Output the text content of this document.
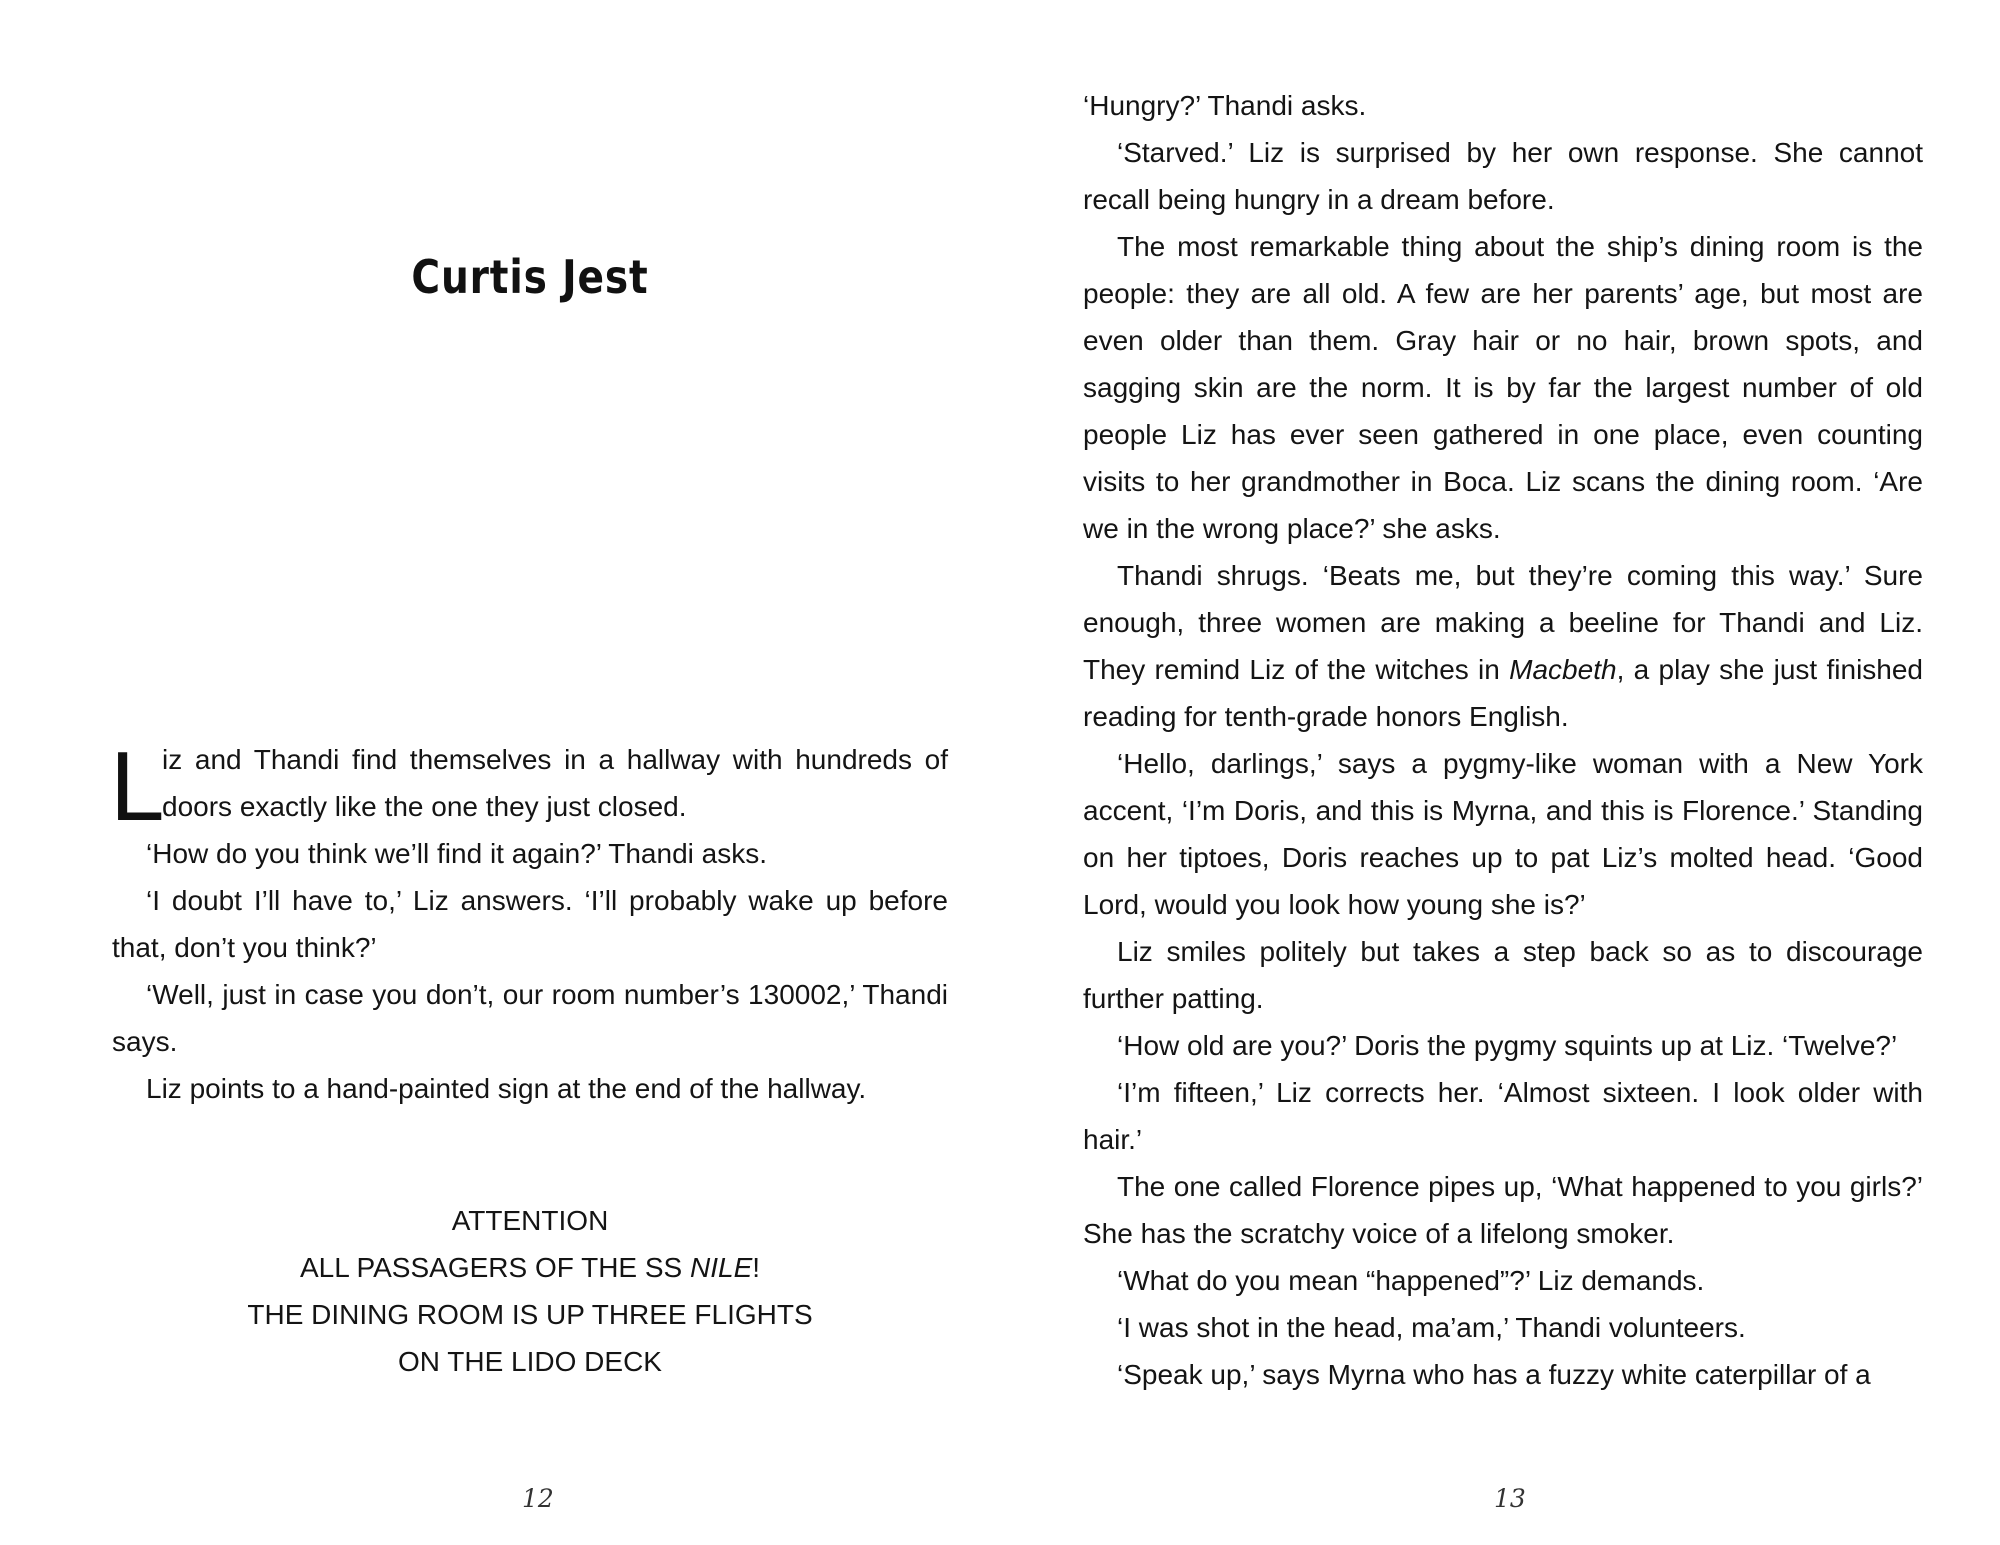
Curtis Jest

L
iz and Thandi find themselves in a hallway with hundreds of doors exactly like the one they just closed.

‘How do you think we’ll find it again?’ Thandi asks.

‘I doubt I’ll have to,’ Liz answers. ‘I’ll probably wake up before that, don’t you think?’

‘Well, just in case you don’t, our room number’s 130002,’ Thandi says.

Liz points to a hand-painted sign at the end of the hallway.

ATTENTION
ALL PASSAGERS OF THE SS NILE!
THE DINING ROOM IS UP THREE FLIGHTS
ON THE LIDO DECK
12

‘Hungry?’ Thandi asks.

‘Starved.’ Liz is surprised by her own response. She cannot recall being hungry in a dream before.

The most remarkable thing about the ship’s dining room is the people: they are all old. A few are her parents’ age, but most are even older than them. Gray hair or no hair, brown spots, and sagging skin are the norm. It is by far the largest number of old people Liz has ever seen gathered in one place, even counting visits to her grandmother in Boca. Liz scans the dining room. ‘Are we in the wrong place?’ she asks.

Thandi shrugs. ‘Beats me, but they’re coming this way.’ Sure enough, three women are making a beeline for Thandi and Liz. They remind Liz of the witches in Macbeth, a play she just finished reading for tenth-grade honors English.

‘Hello, darlings,’ says a pygmy-like woman with a New York accent, ‘I’m Doris, and this is Myrna, and this is Florence.’ Standing on her tiptoes, Doris reaches up to pat Liz’s molted head. ‘Good Lord, would you look how young she is?’

Liz smiles politely but takes a step back so as to discourage further patting.

‘How old are you?’ Doris the pygmy squints up at Liz. ‘Twelve?’

‘I’m fifteen,’ Liz corrects her. ‘Almost sixteen. I look older with hair.’

The one called Florence pipes up, ‘What happened to you girls?’ She has the scratchy voice of a lifelong smoker.

‘What do you mean “happened”?’ Liz demands.

‘I was shot in the head, ma’am,’ Thandi volunteers.

‘Speak up,’ says Myrna who has a fuzzy white caterpillar of a

13
